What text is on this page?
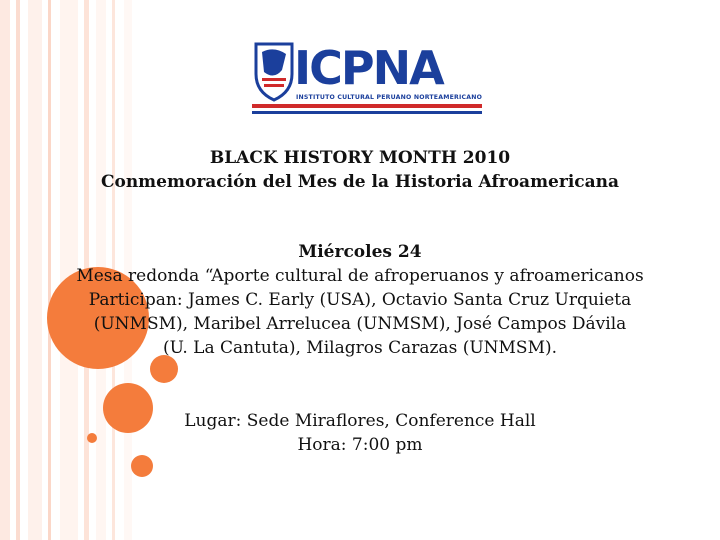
ICPNA
INSTITUTO CULTURAL PERUANO NORTEAMERICANO
BLACK HISTORY MONTH 2010
Conmemoración del Mes de la Historia Afroamericana
Miércoles 24
Mesa redonda “Aporte cultural de afroperuanos y afroamericanos
Participan: James C. Early (USA), Octavio Santa Cruz Urquieta
(UNMSM), Maribel Arrelucea (UNMSM), José Campos Dávila
(U. La Cantuta), Milagros Carazas (UNMSM).
Lugar: Sede Miraflores, Conference Hall
Hora: 7:00 pm
